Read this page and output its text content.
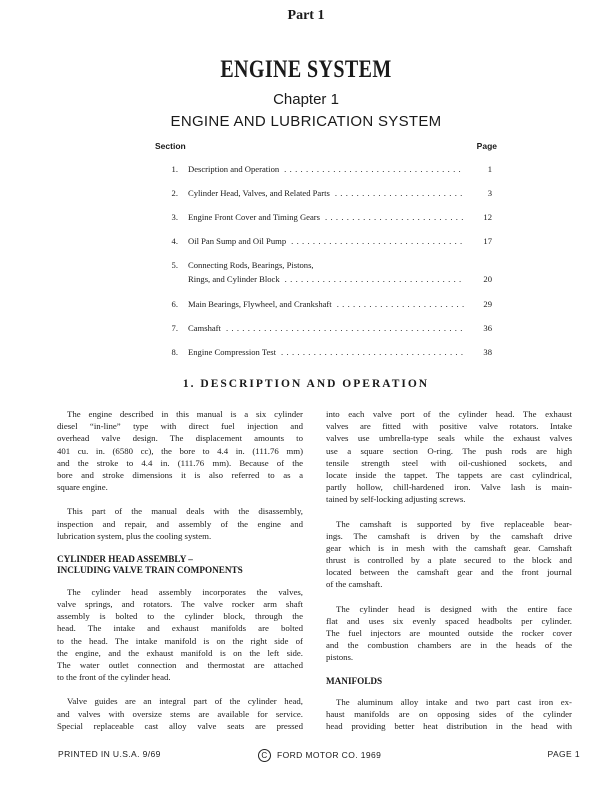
Part 1
ENGINE SYSTEM
Chapter 1
ENGINE AND LUBRICATION SYSTEM
Section	Page
1. Description and Operation .................................	1
2. Cylinder Head, Valves, and Related Parts ........................	3
3. Engine Front Cover and Timing Gears ..........................	12
4. Oil Pan Sump and Oil Pump ................................	17
5. Connecting Rods, Bearings, Pistons,
Rings, and Cylinder Block .................................	20
6. Main Bearings, Flywheel, and Crankshaft ........................	29
7. Camshaft ............................................	36
8. Engine Compression Test ..................................	38
1. DESCRIPTION AND OPERATION
The engine described in this manual is a six cylinder
diesel “in-line” type with direct fuel injection and
overhead valve design. The displacement amounts to
401 cu. in. (6580 cc), the bore to 4.4 in. (111.76 mm)
and the stroke to 4.4 in. (111.76 mm). Because of the
bore and stroke dimensions it is also referred to as a
square engine.
This part of the manual deals with the disassembly,
inspection and repair, and assembly of the engine and
lubrication system, plus the cooling system.
CYLINDER HEAD ASSEMBLY –
INCLUDING VALVE TRAIN COMPONENTS
The cylinder head assembly incorporates the valves,
valve springs, and rotators. The valve rocker arm shaft
assembly is bolted to the cylinder block, through the
head. The intake and exhaust manifolds are bolted
to the head. The intake manifold is on the right side of
the engine, and the exhaust manifold is on the left side.
The water outlet connection and thermostat are attached
to the front of the cylinder head.
Valve guides are an integral part of the cylinder head,
and valves with oversize stems are available for service.
Special replaceable cast alloy valve seats are pressed
into each valve port of the cylinder head. The exhaust
valves are fitted with positive valve rotators. Intake
valves use umbrella-type seals while the exhaust valves
use a square section O-ring. The push rods are high
tensile strength steel with oil-cushioned sockets, and
locate inside the tappet. The tappets are cast cylindrical,
partly hollow, chill-hardened iron. Valve lash is main-
tained by self-locking adjusting screws.
The camshaft is supported by five replaceable bear-
ings. The camshaft is driven by the camshaft drive
gear which is in mesh with the camshaft gear. Camshaft
thrust is controlled by a plate secured to the block and
located between the camshaft gear and the front journal
of the camshaft.
The cylinder head is designed with the entire face
flat and uses six evenly spaced headbolts per cylinder.
The fuel injectors are mounted outside the rocker cover
and the combustion chambers are in the heads of the
pistons.
MANIFOLDS
The aluminum alloy intake and two part cast iron ex-
haust manifolds are on opposing sides of the cylinder
head providing better heat distribution in the head with
PRINTED IN U.S.A. 9/69	C FORD MOTOR CO. 1969	PAGE 1
